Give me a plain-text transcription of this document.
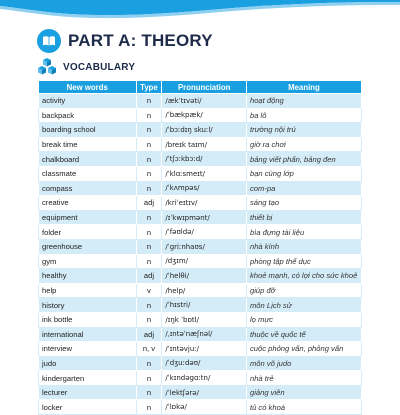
PART A: THEORY
VOCABULARY
New words	Type	Pronunciation	Meaning
activity	n	/ækˈtɪvəti/	hoạt động
backpack	n	/ˈbækpæk/	ba lô
boarding school	n	/ˈbɔːdɪŋ skuːl/	trường nội trú
break time	n	/breɪk taɪm/	giờ ra chơi
chalkboard	n	/ˈtʃɔːkbɔːd/	bảng viết phấn, bảng đen
classmate	n	/ˈklɑːsmeɪt/	bạn cùng lớp
compass	n	/ˈkʌmpəs/	com-pa
creative	adj	/kriˈeɪtɪv/	sáng tạo
equipment	n	/ɪˈkwɪpmənt/	thiết bị
folder	n	/ˈfəʊldə/	bìa đựng tài liệu
greenhouse	n	/ˈgriːnhaʊs/	nhà kính
gym	n	/dʒɪm/	phòng tập thể dục
healthy	adj	/ˈhelθi/	khoẻ mạnh, có lợi cho sức khoẻ
help	v	/help/	giúp đỡ
history	n	/ˈhɪstri/	môn Lịch sử
ink bottle	n	/ɪŋk ˈbɒtl/	lọ mực
international	adj	/ˌɪntəˈnæʃnəl/	thuộc về quốc tế
interview	n, v	/ˈɪntəvjuː/	cuộc phỏng vấn, phỏng vấn
judo	n	/ˈdʒuːdəʊ/	môn võ judo
kindergarten	n	/ˈkɪndəgɑːtn/	nhà trẻ
lecturer	n	/ˈlektʃərə/	giảng viên
locker	n	/ˈlɒkə/	tủ có khoá
